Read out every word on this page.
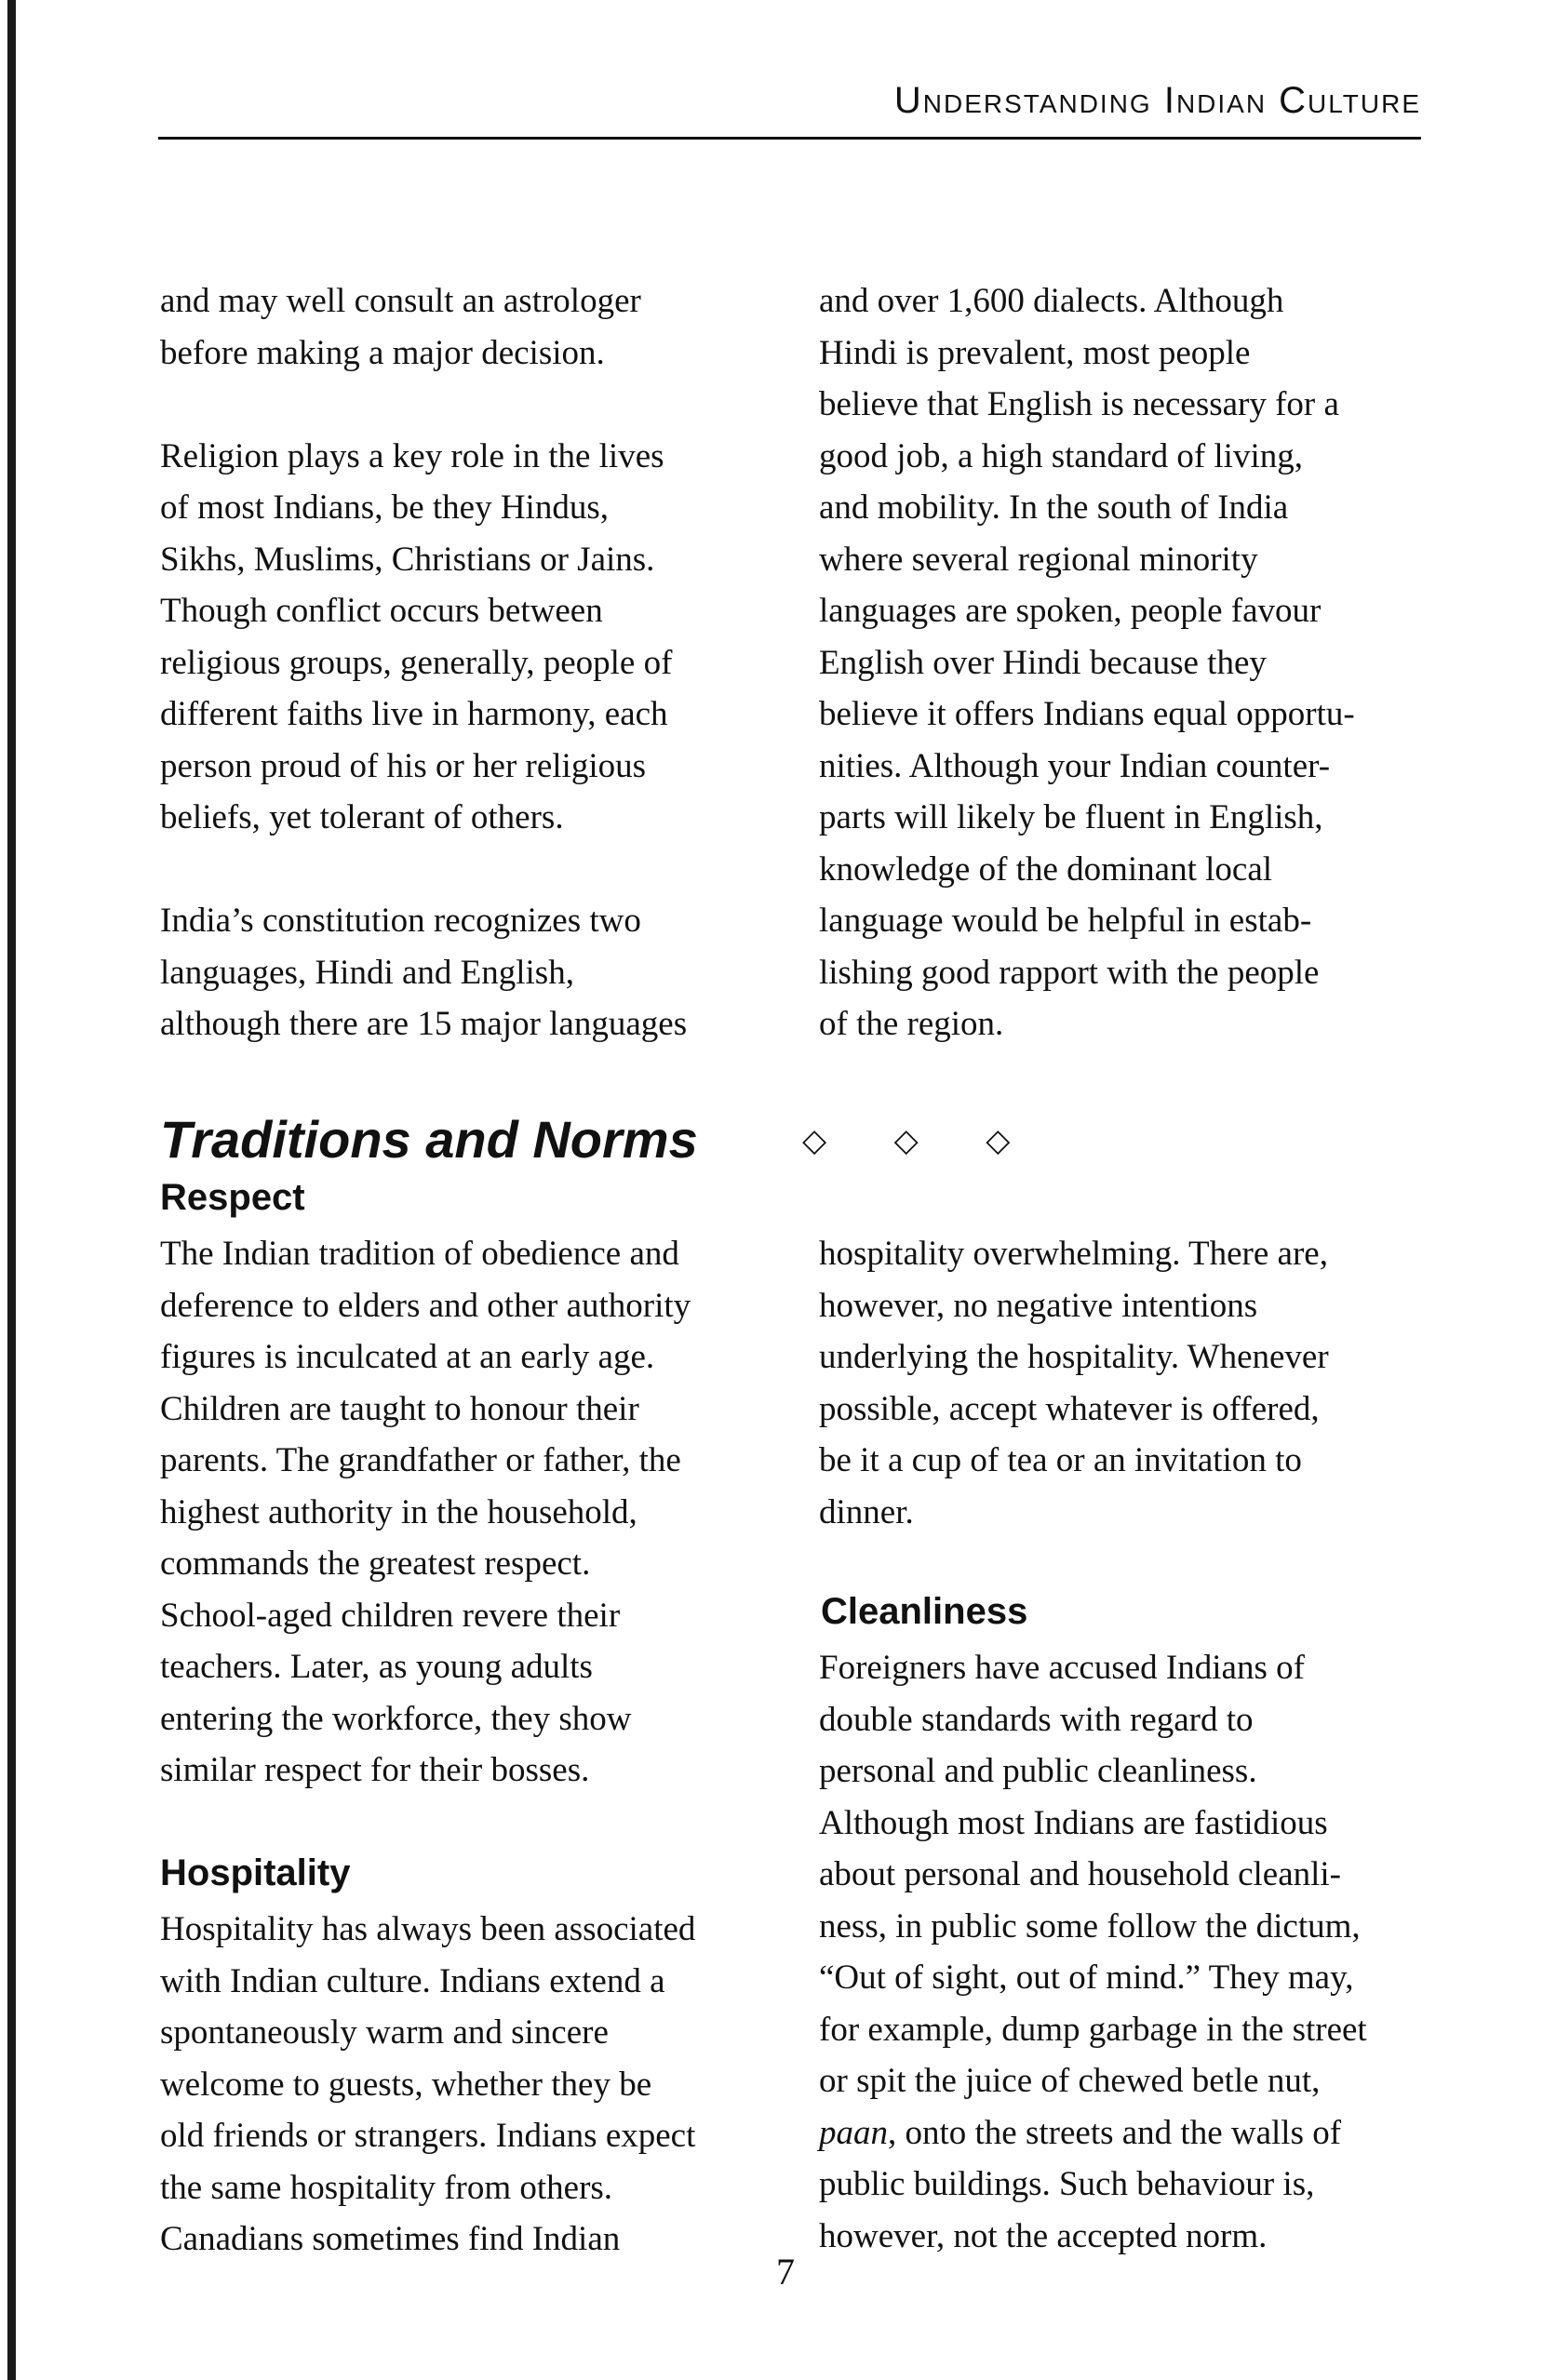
Understanding Indian Culture

and may well consult an astrologer

before making a major decision.

Religion plays a key role in the lives

of most Indians, be they Hindus,

Sikhs, Muslims, Christians or Jains.

Though conflict occurs between

religious groups, generally, people of

different faiths live in harmony, each

person proud of his or her religious

beliefs, yet tolerant of others.

India’s constitution recognizes two

languages, Hindi and English,

although there are 15 major languages

and over 1,600 dialects. Although

Hindi is prevalent, most people

believe that English is necessary for a

good job, a high standard of living,

and mobility. In the south of India

where several regional minority

languages are spoken, people favour

English over Hindi because they

believe it offers Indians equal opportu-

nities. Although your Indian counter-

parts will likely be fluent in English,

knowledge of the dominant local

language would be helpful in estab-

lishing good rapport with the people

of the region.

Traditions and Norms	◇ ◇ ◇
Respect

The Indian tradition of obedience and

deference to elders and other authority

figures is inculcated at an early age.

Children are taught to honour their

parents. The grandfather or father, the

highest authority in the household,

commands the greatest respect.

School-aged children revere their

teachers. Later, as young adults

entering the workforce, they show

similar respect for their bosses.

Hospitality

Hospitality has always been associated

with Indian culture. Indians extend a

spontaneously warm and sincere

welcome to guests, whether they be

old friends or strangers. Indians expect

the same hospitality from others.

Canadians sometimes find Indian

hospitality overwhelming. There are,

however, no negative intentions

underlying the hospitality. Whenever

possible, accept whatever is offered,

be it a cup of tea or an invitation to

dinner.

Cleanliness

Foreigners have accused Indians of

double standards with regard to

personal and public cleanliness.

Although most Indians are fastidious

about personal and household cleanli-

ness, in public some follow the dictum,

“Out of sight, out of mind.” They may,

for example, dump garbage in the street

or spit the juice of chewed betle nut,

paan, onto the streets and the walls of

public buildings. Such behaviour is,

however, not the accepted norm.

7
